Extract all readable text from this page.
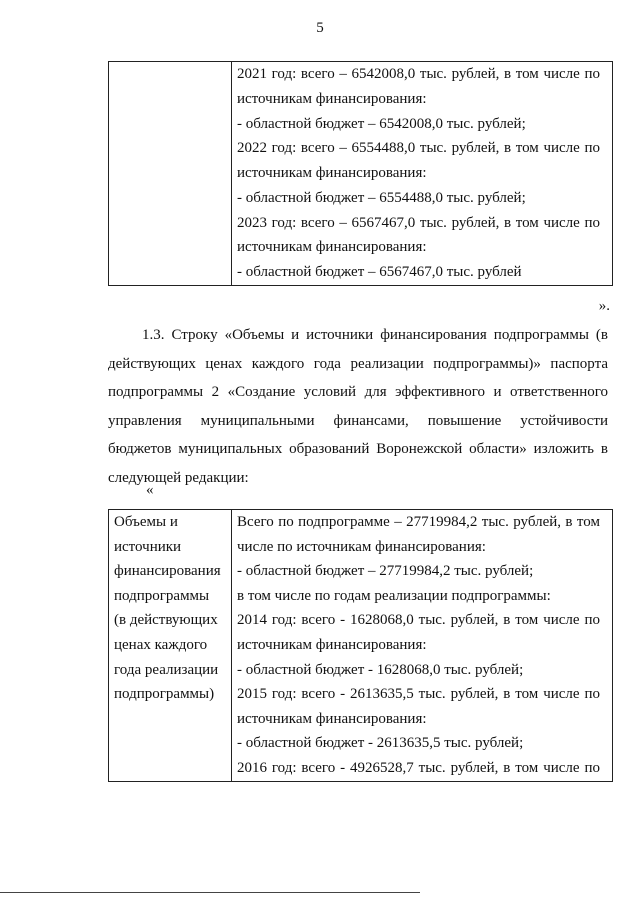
5

2021 год: всего – 6542008,0 тыс. рублей, в том числе по
источникам финансирования:
- областной бюджет – 6542008,0 тыс. рублей;
2022 год: всего – 6554488,0 тыс. рублей, в том числе по
источникам финансирования:
- областной бюджет – 6554488,0 тыс. рублей;
2023 год: всего – 6567467,0 тыс. рублей, в том числе по
источникам финансирования:
- областной бюджет – 6567467,0 тыс. рублей
».
1.3. Строку «Объемы и источники финансирования подпрограммы (в
действующих ценах каждого года реализации подпрограммы)» паспорта
подпрограммы 2 «Создание условий для эффективного и ответственного
управления муниципальными финансами, повышение устойчивости
бюджетов муниципальных образований Воронежской области» изложить в
следующей редакции:
«
Объемы и
источники
финансирования
подпрограммы
(в действующих
ценах каждого
года реализации
подпрограммы)

Всего по подпрограмме – 27719984,2 тыс. рублей, в том
числе по источникам финансирования:
- областной бюджет – 27719984,2 тыс. рублей;
в том числе по годам реализации подпрограммы:
2014 год: всего - 1628068,0 тыс. рублей, в том числе по
источникам финансирования:
- областной бюджет - 1628068,0 тыс. рублей;
2015 год: всего - 2613635,5 тыс. рублей, в том числе по
источникам финансирования:
- областной бюджет - 2613635,5 тыс. рублей;
2016 год: всего - 4926528,7 тыс. рублей, в том числе по
